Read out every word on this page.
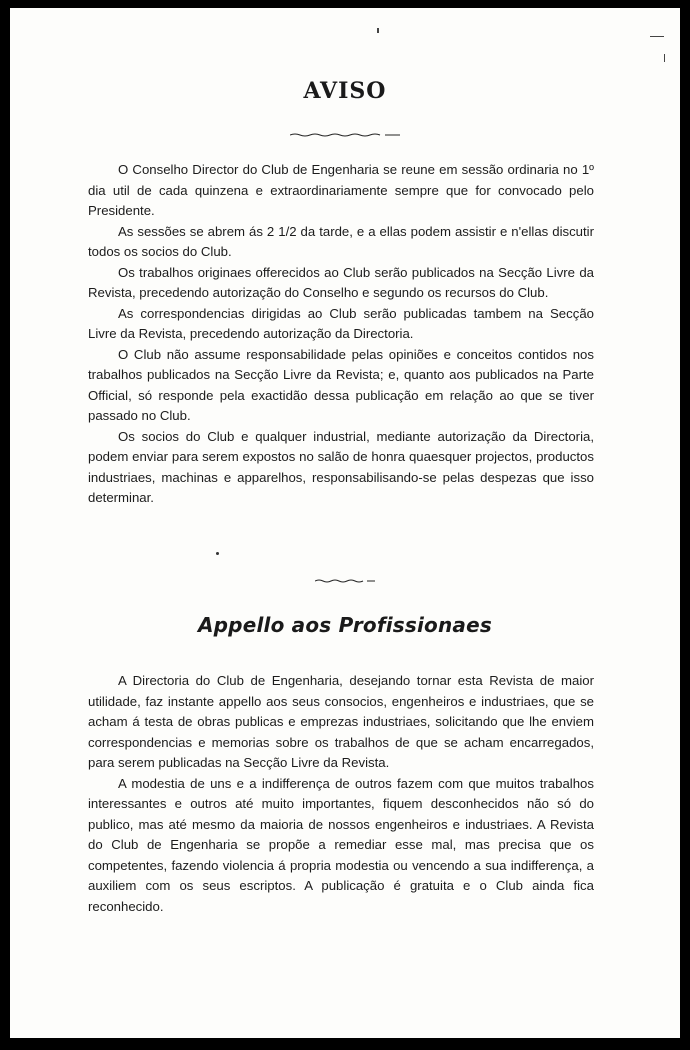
AVISO

O Conselho Director do Club de Engenharia se reune em sessão ordinaria no 1º dia util de cada quinzena e extraordinariamente sempre que for convocado pelo Presidente.

As sessões se abrem ás 2 1/2 da tarde, e a ellas podem assistir e n'ellas discutir todos os socios do Club.

Os trabalhos originaes offerecidos ao Club serão publicados na Secção Livre da Revista, precedendo autorização do Conselho e segundo os recursos do Club.

As correspondencias dirigidas ao Club serão publicadas tambem na Secção Livre da Revista, precedendo autorização da Directoria.

O Club não assume responsabilidade pelas opiniões e conceitos contidos nos trabalhos publicados na Secção Livre da Revista; e, quanto aos publicados na Parte Official, só responde pela exactidão dessa publicação em relação ao que se tiver passado no Club.

Os socios do Club e qualquer industrial, mediante autorização da Directoria, podem enviar para serem expostos no salão de honra quaesquer projectos, productos industriaes, machinas e apparelhos, responsabilisando-se pelas despezas que isso determinar.

Appello aos Profissionaes

A Directoria do Club de Engenharia, desejando tornar esta Revista de maior utilidade, faz instante appello aos seus consocios, engenheiros e industriaes, que se acham á testa de obras publicas e emprezas industriaes, solicitando que lhe enviem correspondencias e memorias sobre os trabalhos de que se acham encarregados, para serem publicadas na Secção Livre da Revista.

A modestia de uns e a indifferença de outros fazem com que muitos trabalhos interessantes e outros até muito importantes, fiquem desconhecidos não só do publico, mas até mesmo da maioria de nossos engenheiros e industriaes. A Revista do Club de Engenharia se propõe a remediar esse mal, mas precisa que os competentes, fazendo violencia á propria modestia ou vencendo a sua indifferença, a auxiliem com os seus escriptos. A publicação é gratuita e o Club ainda fica reconhecido.
